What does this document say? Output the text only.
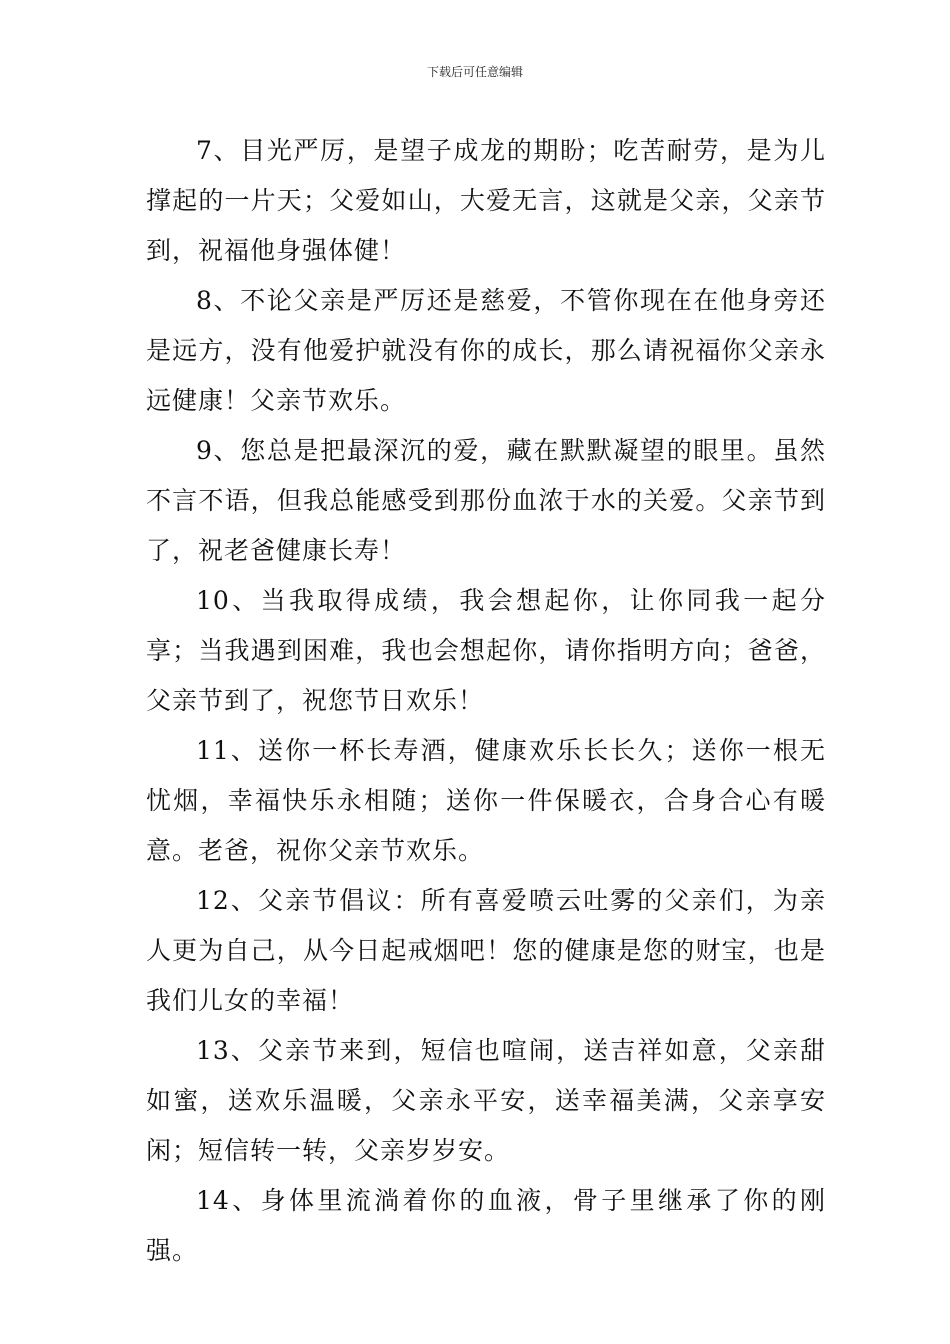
下载后可任意编辑

7、目光严厉，是望子成龙的期盼；吃苦耐劳，是为儿撑起的一片天；父爱如山，大爱无言，这就是父亲，父亲节到，祝福他身强体健！

8、不论父亲是严厉还是慈爱，不管你现在在他身旁还是远方，没有他爱护就没有你的成长，那么请祝福你父亲永远健康！父亲节欢乐。

9、您总是把最深沉的爱，藏在默默凝望的眼里。虽然不言不语，但我总能感受到那份血浓于水的关爱。父亲节到了，祝老爸健康长寿！

10、当我取得成绩，我会想起你，让你同我一起分享；当我遇到困难，我也会想起你，请你指明方向；爸爸，父亲节到了，祝您节日欢乐！

11、送你一杯长寿酒，健康欢乐长长久；送你一根无忧烟，幸福快乐永相随；送你一件保暖衣，合身合心有暖意。老爸，祝你父亲节欢乐。

12、父亲节倡议：所有喜爱喷云吐雾的父亲们，为亲人更为自己，从今日起戒烟吧！您的健康是您的财宝，也是我们儿女的幸福！

13、父亲节来到，短信也喧闹，送吉祥如意，父亲甜如蜜，送欢乐温暖，父亲永平安，送幸福美满，父亲享安闲；短信转一转，父亲岁岁安。

14、身体里流淌着你的血液，骨子里继承了你的刚强。
